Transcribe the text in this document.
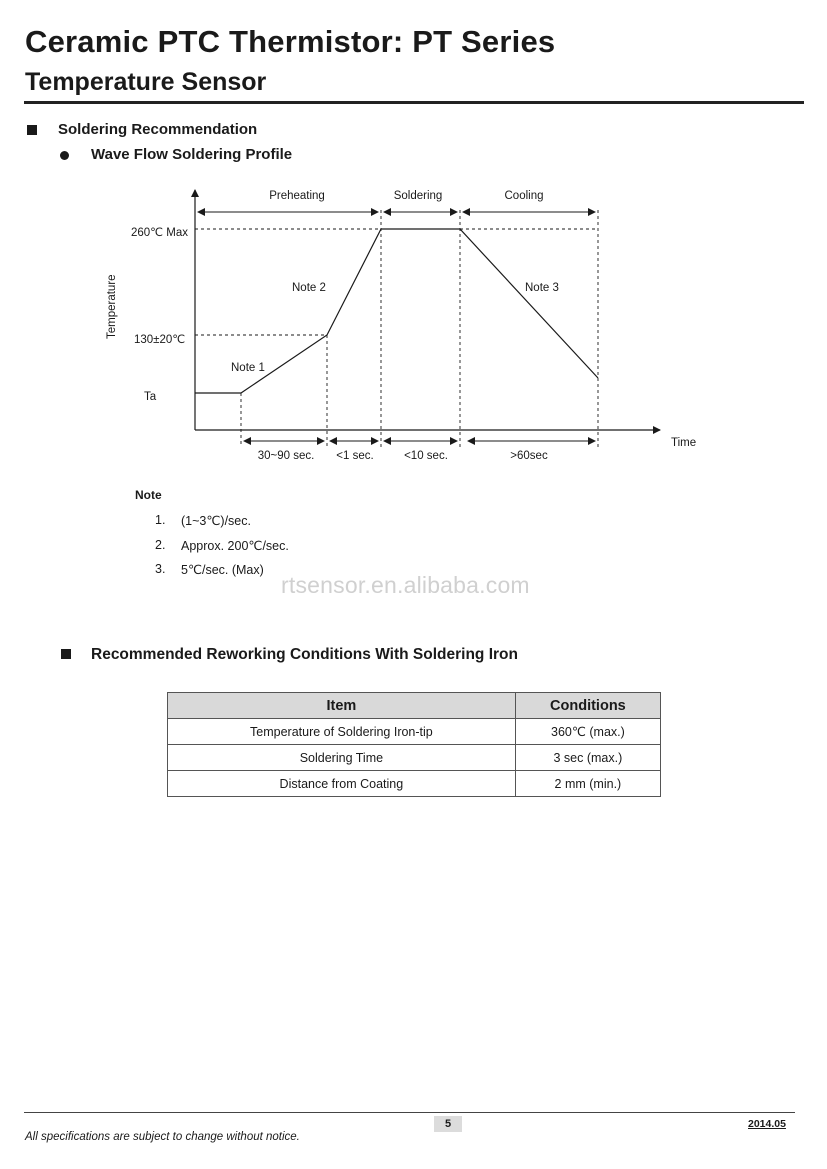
Ceramic PTC Thermistor: PT Series
Temperature Sensor
Soldering Recommendation
Wave Flow Soldering Profile
Preheating	Soldering	Cooling
260℃ Max
130±20℃
Ta
Temperature
Time
Note 1
Note 2	Note 3
30~90 sec. <1 sec.	<10 sec.	>60sec
Note
1. (1~3℃)/sec.
2. Approx. 200℃/sec.
3. 5℃/sec. (Max)
rtsensor.en.alibaba.com
Recommended Reworking Conditions With Soldering Iron
Item	Conditions
Temperature of Soldering Iron-tip	360℃ (max.)
Soldering Time	3 sec (max.)
Distance from Coating	2 mm (min.)
5	2014.05
All specifications are subject to change without notice.
